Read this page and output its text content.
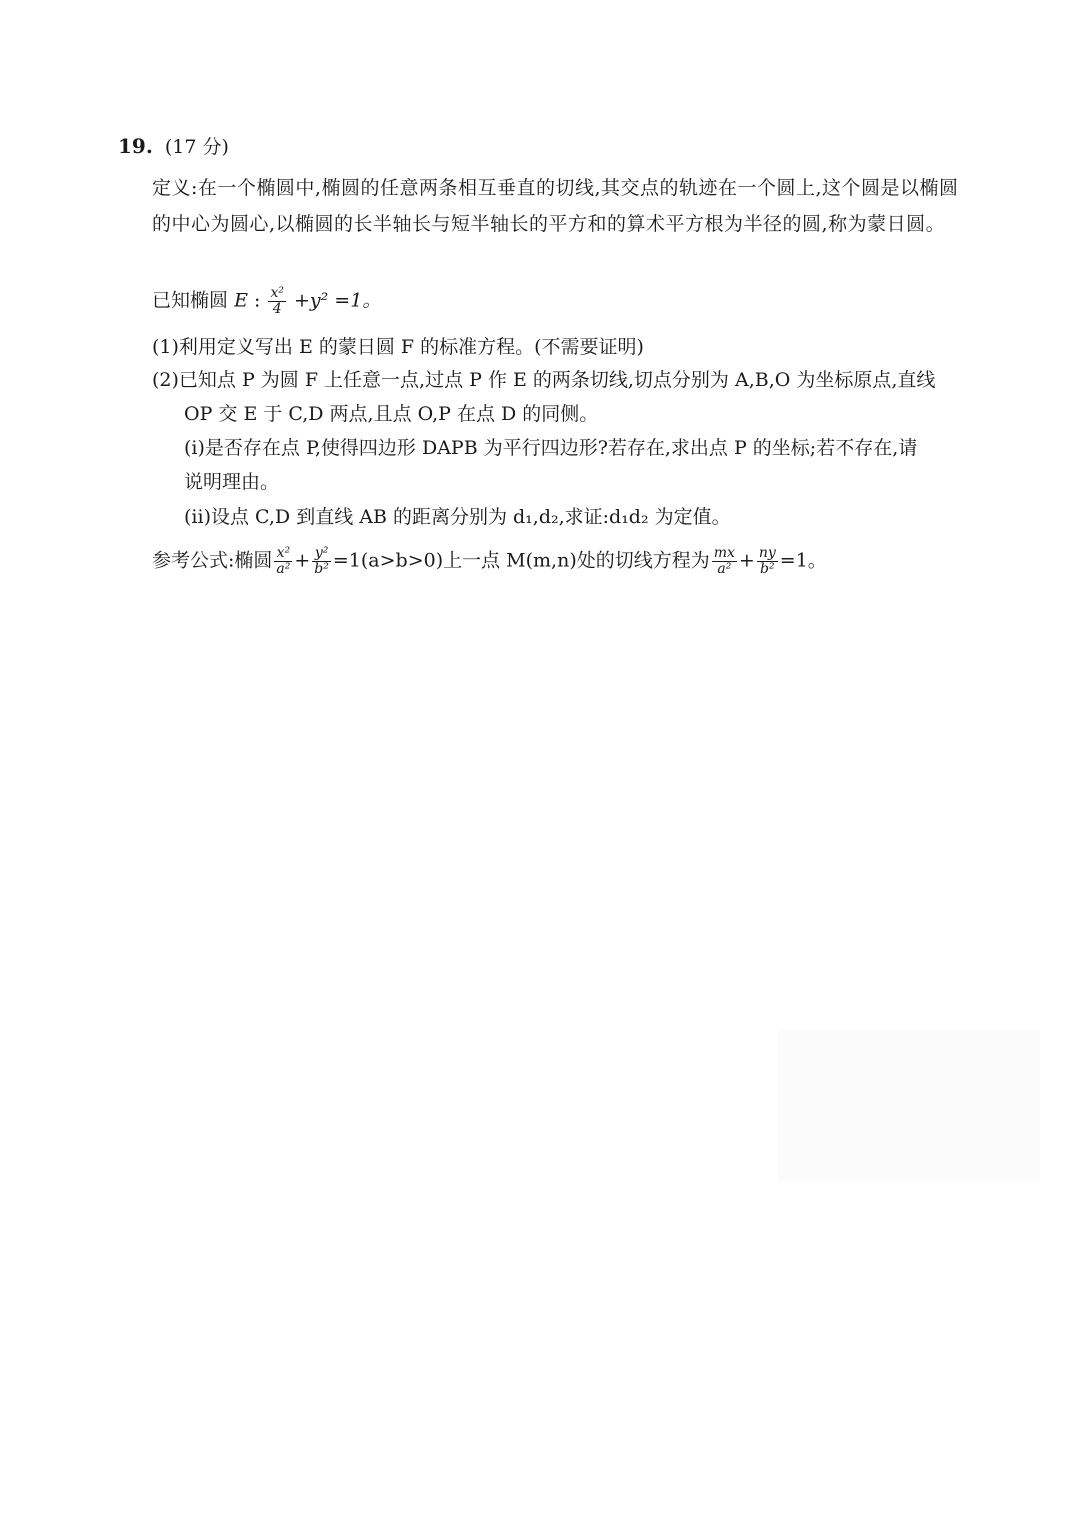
19. (17 分)
定义:在一个椭圆中,椭圆的任意两条相互垂直的切线,其交点的轨迹在一个圆上,这个圆是以椭圆的中心为圆心,以椭圆的长半轴长与短半轴长的平方和的算术平方根为半径的圆,称为蒙日圆。
已知椭圆 E : $\frac{\text{x²}}{4} +y^2 =1$。
(1)利用定义写出 E 的蒙日圆 F 的标准方程。(不需要证明)
(2)已知点 P 为圆 F 上任意一点,过点 P 作 E 的两条切线,切点分别为 A,B,O 为坐标原点,直线
OP 交 E 于 C,D 两点,且点 O,P 在点 D 的同侧。
(i)是否存在点 P,使得四边形 DAPB 为平行四边形?若存在,求出点 P 的坐标;若不存在,请
说明理由。
(ii)设点 C,D 到直线 AB 的距离分别为 d₁,d₂,求证:d₁d₂ 为定值。
参考公式:椭圆 $\frac{\text{x²}}{\text{a²}} + \frac{\text{y²}}{\text{b²}} =1(a>b>0)$上一点 M(m,n)处的切线方程为 $\frac{mx}{\text{a²}} + \frac{ny}{\text{b²}} =1$。
